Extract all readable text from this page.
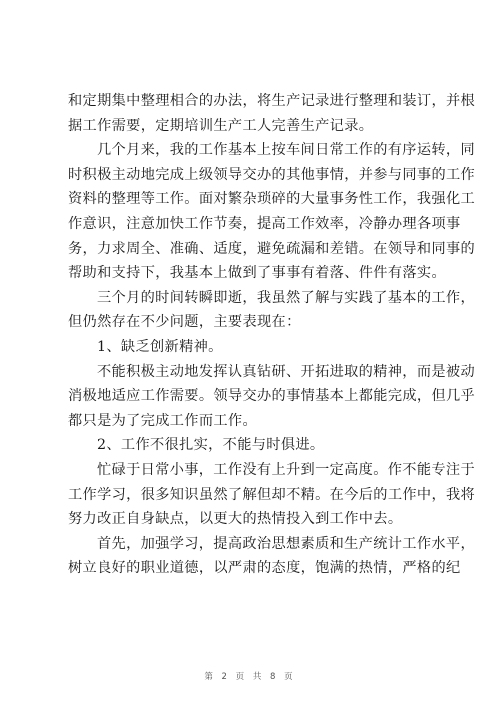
和定期集中整理相合的办法，将生产记录进行整理和装订，并根
据工作需要，定期培训生产工人完善生产记录。
几个月来，我的工作基本上按车间日常工作的有序运转，同
时积极主动地完成上级领导交办的其他事情，并参与同事的工作
资料的整理等工作。面对繁杂琐碎的大量事务性工作，我强化工
作意识，注意加快工作节奏，提高工作效率，冷静办理各项事
务，力求周全、准确、适度，避免疏漏和差错。在领导和同事的
帮助和支持下，我基本上做到了事事有着落、件件有落实。
三个月的时间转瞬即逝，我虽然了解与实践了基本的工作，
但仍然存在不少问题，主要表现在：
1、缺乏创新精神。
不能积极主动地发挥认真钻研、开拓进取的精神，而是被动
消极地适应工作需要。领导交办的事情基本上都能完成，但几乎
都只是为了完成工作而工作。
2、工作不很扎实，不能与时俱进。
忙碌于日常小事，工作没有上升到一定高度。作不能专注于
工作学习，很多知识虽然了解但却不精。在今后的工作中，我将
努力改正自身缺点，以更大的热情投入到工作中去。
首先，加强学习，提高政治思想素质和生产统计工作水平，
树立良好的职业道德，以严肃的态度，饱满的热情，严格的纪
第 2 页 共 8 页
